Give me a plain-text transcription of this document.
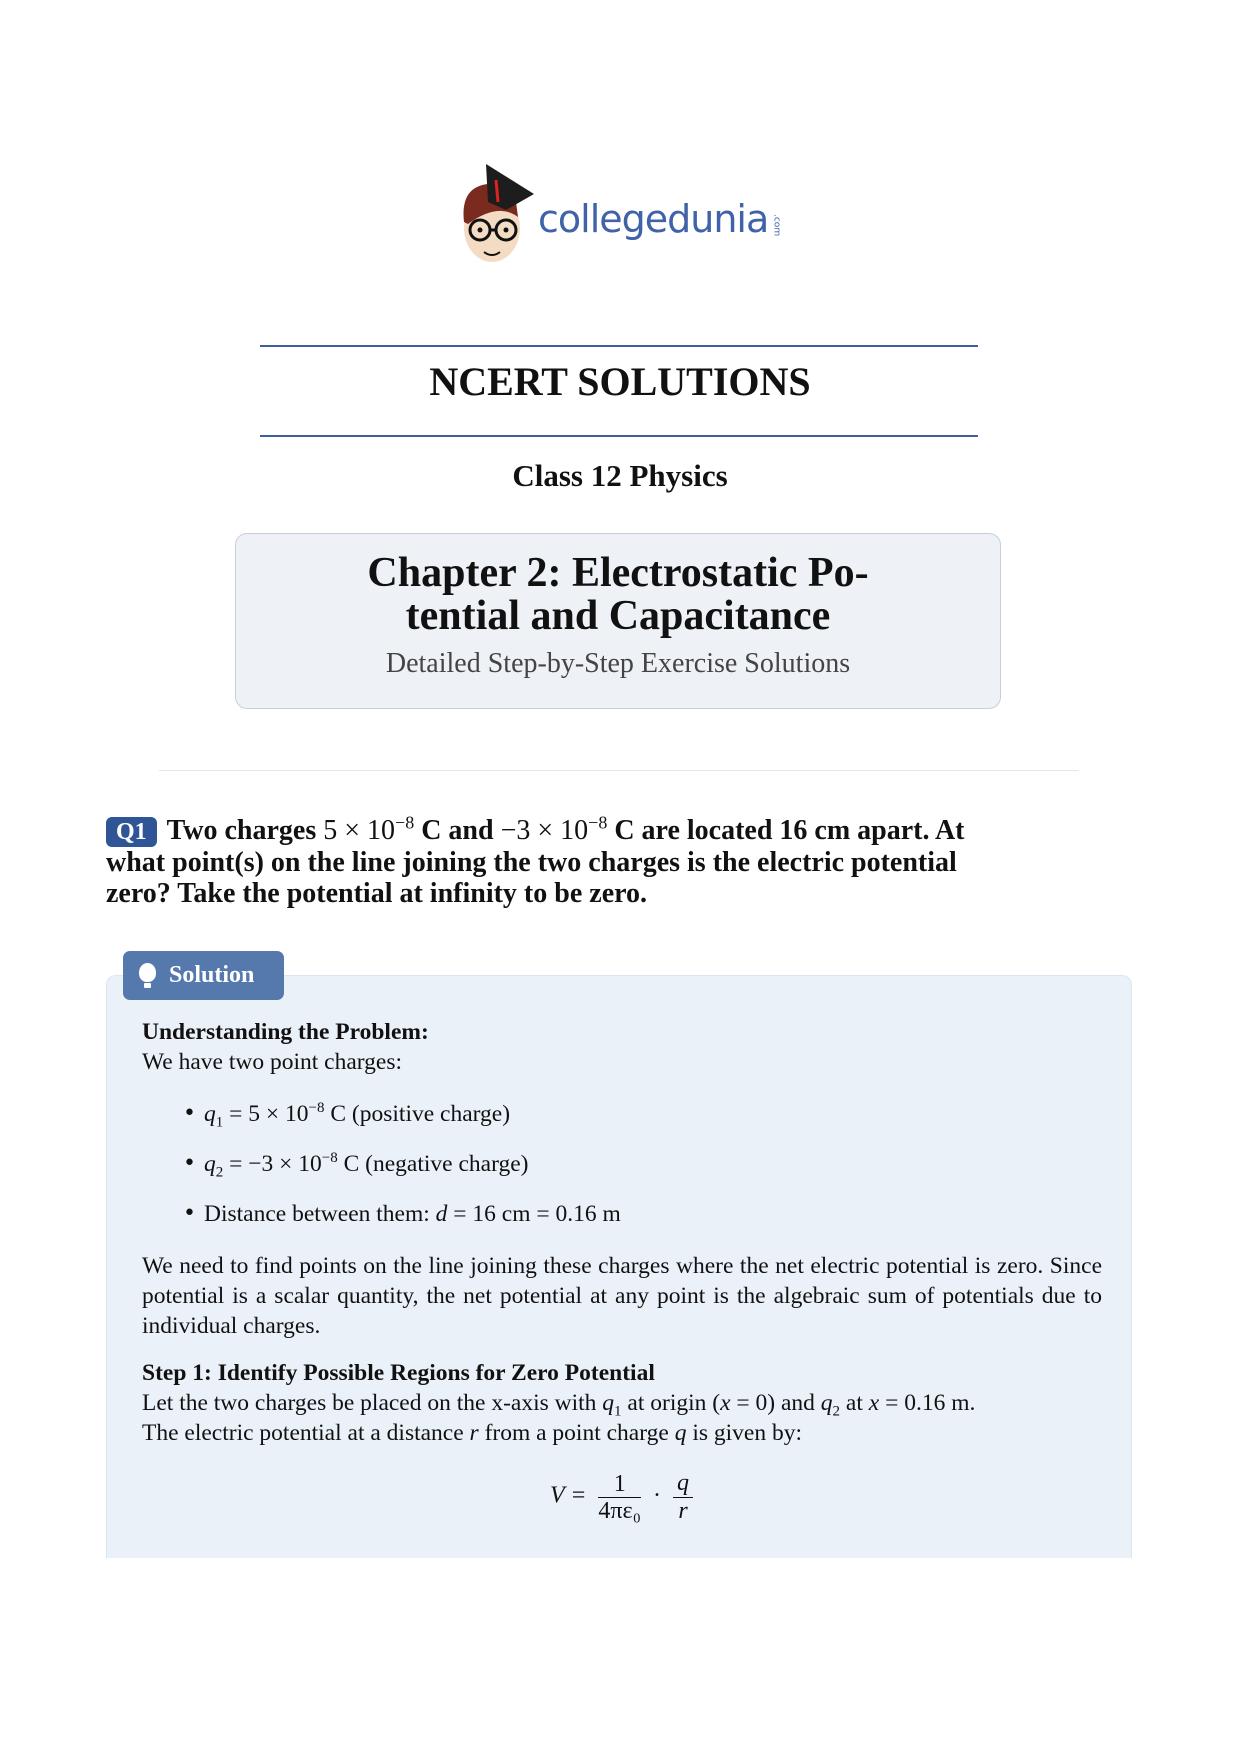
collegedunia .com
NCERT SOLUTIONS
Class 12 Physics
Chapter 2: Electrostatic Po-
tential and Capacitance
Detailed Step-by-Step Exercise Solutions
Q1 Two charges $5 \times 10^{-8}$ C and $-3 \times 10^{-8}$ C are located 16 cm apart. At
what point(s) on the line joining the two charges is the electric potential
zero? Take the potential at infinity to be zero.
Solution
Understanding the Problem:
We have two point charges:
• $q_1 = 5 \times 10^{-8}$ C (positive charge)
• $q_2 = -3 \times 10^{-8}$ C (negative charge)
• Distance between them: d = 16 cm = 0.16 m
We need to find points on the line joining these charges where the net electric potential is zero. Since potential is a scalar quantity, the net potential at any point is the algebraic sum of potentials due to individual charges.
Step 1: Identify Possible Regions for Zero Potential
Let the two charges be placed on the x-axis with $q_1$ at origin (x = 0) and $q_2$ at x = 0.16 m.
The electric potential at a distance r from a point charge q is given by:
$V = \frac{1}{\text{4πε₀}} \cdot \frac{q}{r}$
